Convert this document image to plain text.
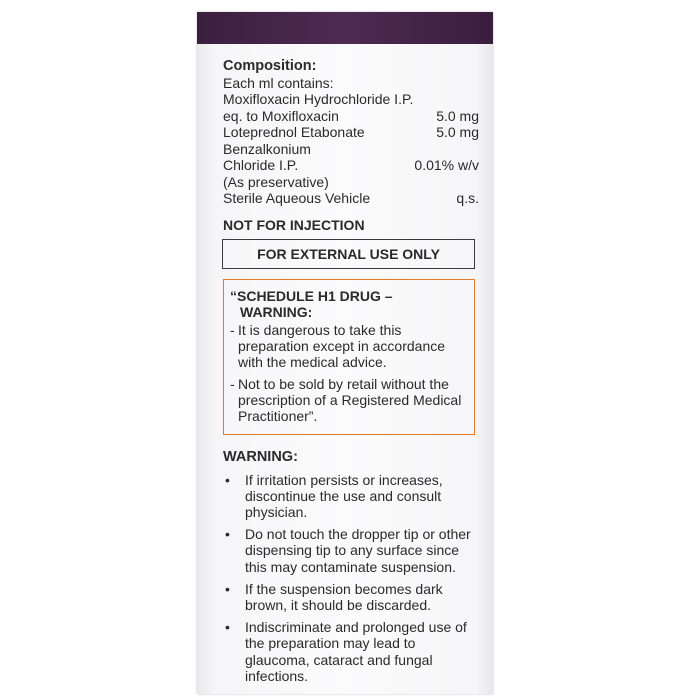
Composition:
Each ml contains:
Moxifloxacin Hydrochloride I.P.
eq. to Moxifloxacin	5.0 mg
Loteprednol Etabonate	5.0 mg
Benzalkonium
Chloride I.P.	0.01% w/v
(As preservative)
Sterile Aqueous Vehicle	q.s.
NOT FOR INJECTION
FOR EXTERNAL USE ONLY
“SCHEDULE H1 DRUG –
WARNING:
- It is dangerous to take this preparation except in accordance with the medical advice.
- Not to be sold by retail without the prescription of a Registered Medical Practitioner”.
WARNING:
•	If irritation persists or increases, discontinue the use and consult physician.
•	Do not touch the dropper tip or other dispensing tip to any surface since this may contaminate suspension.
•	If the suspension becomes dark brown, it should be discarded.
•	Indiscriminate and prolonged use of the preparation may lead to glaucoma, cataract and fungal infections.
